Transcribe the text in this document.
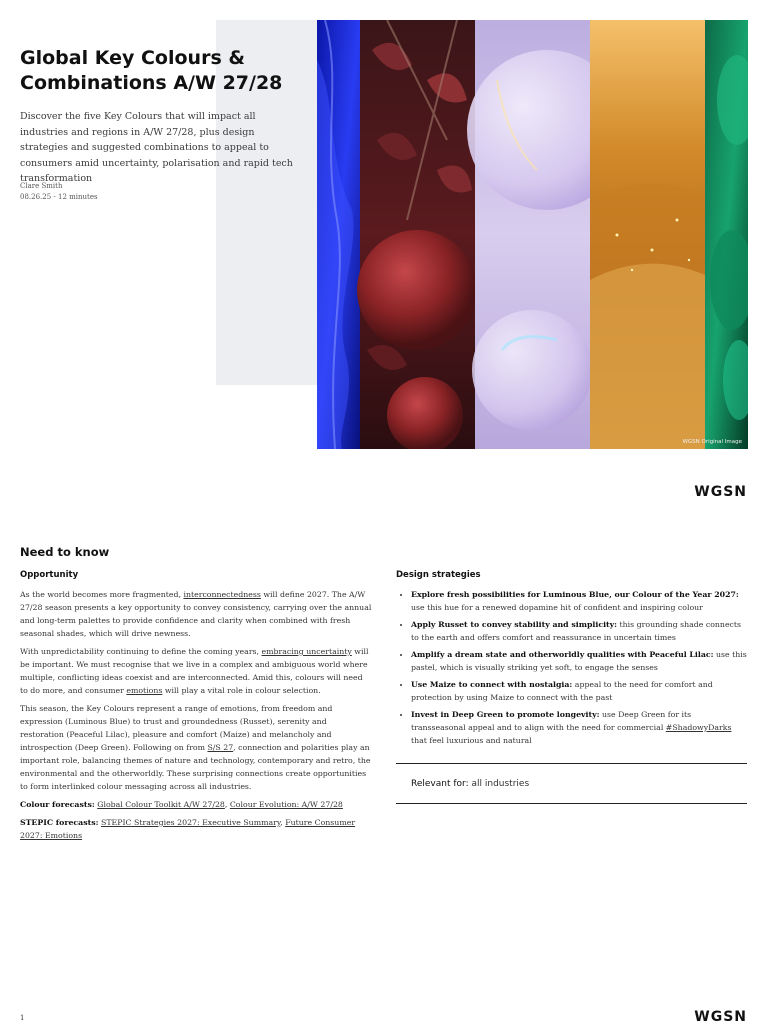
Global Key Colours & Combinations A/W 27/28

Discover the five Key Colours that will impact all industries and regions in A/W 27/28, plus design strategies and suggested combinations to appeal to consumers amid uncertainty, polarisation and rapid tech transformation

Clare Smith
08.26.25 - 12 minutes
WGSN Original Image
WGSN
Need to know
Opportunity

As the world becomes more fragmented, interconnectedness will define 2027. The A/W 27/28 season presents a key opportunity to convey consistency, carrying over the annual and long-term palettes to provide confidence and clarity when combined with fresh seasonal shades, which will drive newness.

With unpredictability continuing to define the coming years, embracing uncertainty will be important. We must recognise that we live in a complex and ambiguous world where multiple, conflicting ideas coexist and are interconnected. Amid this, colours will need to do more, and consumer emotions will play a vital role in colour selection.

This season, the Key Colours represent a range of emotions, from freedom and expression (Luminous Blue) to trust and groundedness (Russet), serenity and restoration (Peaceful Lilac), pleasure and comfort (Maize) and melancholy and introspection (Deep Green). Following on from S/S 27, connection and polarities play an important role, balancing themes of nature and technology, contemporary and retro, the environmental and the otherworldly. These surprising connections create opportunities to form interlinked colour messaging across all industries.

Colour forecasts: Global Colour Toolkit A/W 27/28, Colour Evolution: A/W 27/28

STEPIC forecasts: STEPIC Strategies 2027: Executive Summary, Future Consumer 2027: Emotions

Design strategies
• Explore fresh possibilities for Luminous Blue, our Colour of the Year 2027: use this hue for a renewed dopamine hit of confident and inspiring colour
• Apply Russet to convey stability and simplicity: this grounding shade connects to the earth and offers comfort and reassurance in uncertain times
• Amplify a dream state and otherworldly qualities with Peaceful Lilac: use this pastel, which is visually striking yet soft, to engage the senses
• Use Maize to connect with nostalgia: appeal to the need for comfort and protection by using Maize to connect with the past
• Invest in Deep Green to promote longevity: use Deep Green for its transseasonal appeal and to align with the need for commercial #ShadowyDarks that feel luxurious and natural
Relevant for: all industries
1	WGSN
